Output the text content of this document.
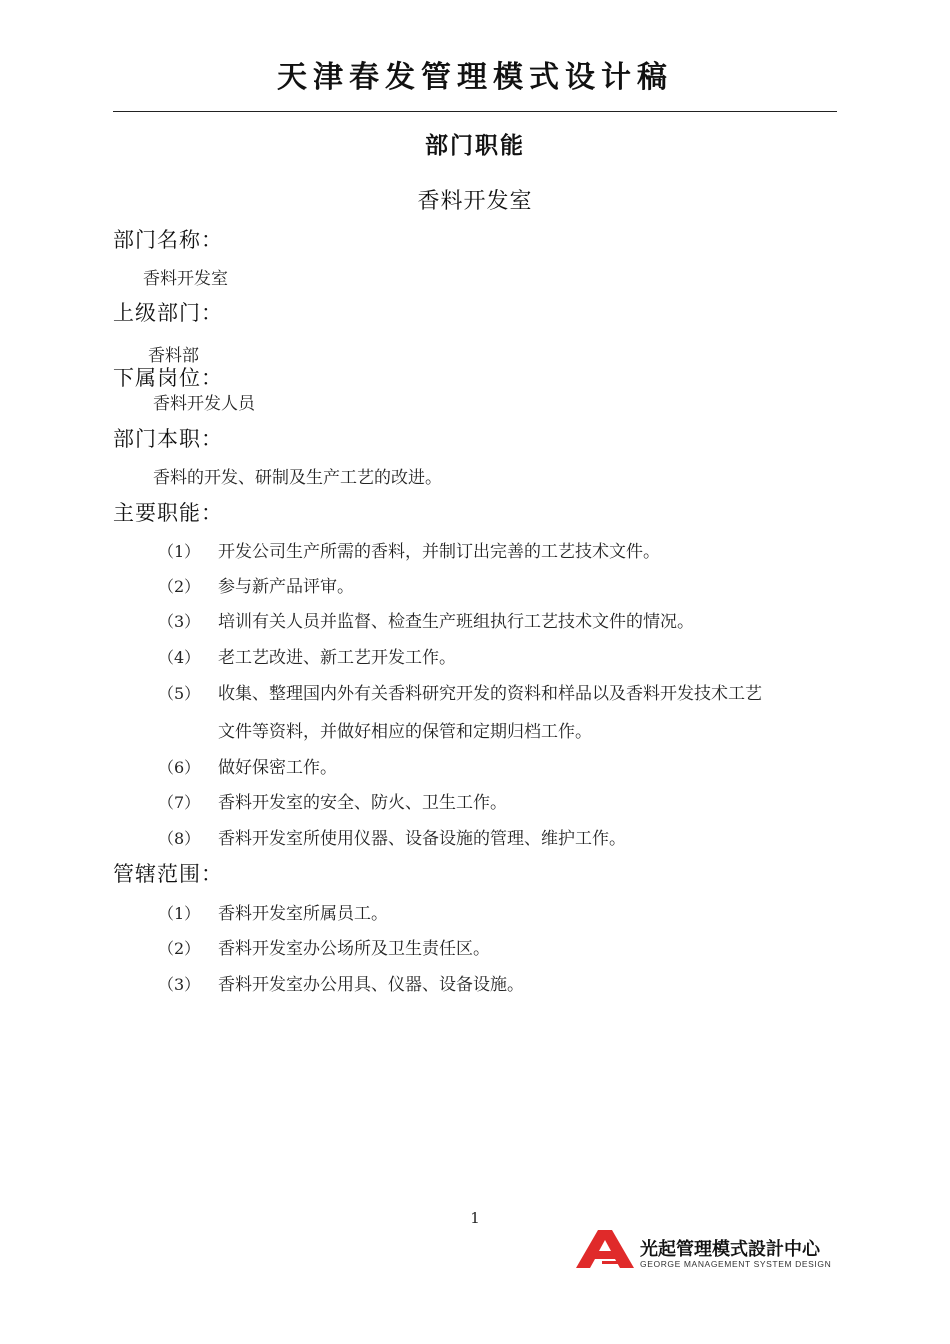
天津春发管理模式设计稿
部门职能
香料开发室
部门名称：
香料开发室
上级部门：
香料部
下属岗位：
香料开发人员
部门本职：
香料的开发、研制及生产工艺的改进。
主要职能：
（1） 开发公司生产所需的香料，并制订出完善的工艺技术文件。
（2） 参与新产品评审。
（3） 培训有关人员并监督、检查生产班组执行工艺技术文件的情况。
（4） 老工艺改进、新工艺开发工作。
（5） 收集、整理国内外有关香料研究开发的资料和样品以及香料开发技术工艺
文件等资料，并做好相应的保管和定期归档工作。
（6） 做好保密工作。
（7） 香料开发室的安全、防火、卫生工作。
（8） 香料开发室所使用仪器、设备设施的管理、维护工作。
管辖范围：
（1） 香料开发室所属员工。
（2） 香料开发室办公场所及卫生责任区。
（3） 香料开发室办公用具、仪器、设备设施。
1
光起管理模式設計中心
GEORGE MANAGEMENT SYSTEM DESIGN
